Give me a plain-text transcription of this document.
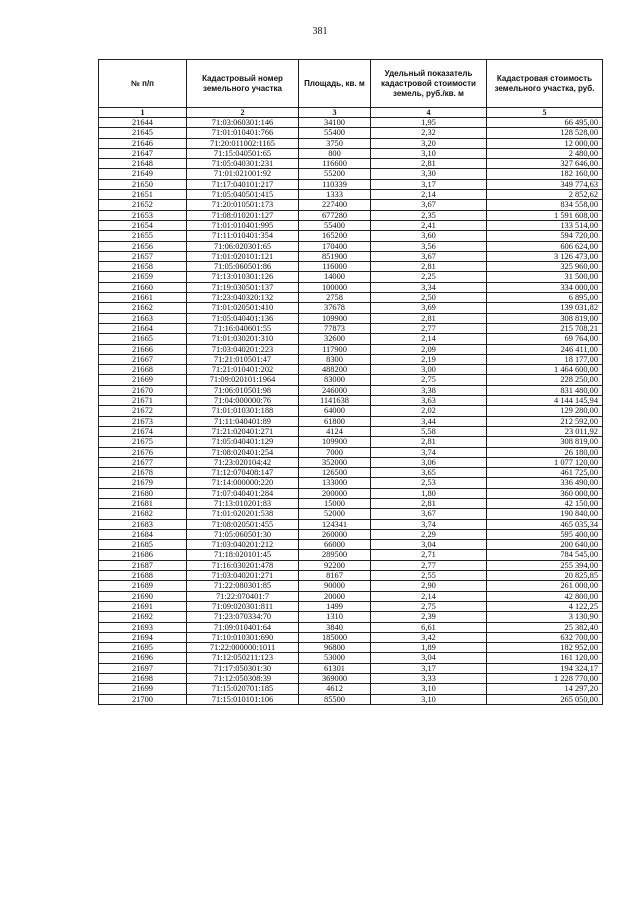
381
№ п/п	Кадастровый номер земельного участка	Площадь, кв. м	Удельный показатель кадастровой стоимости земель, руб./кв. м	Кадастровая стоимость земельного участка, руб.
1	2	3	4	5
21644	71:03:060301:146	34100	1,95	66 495,00
21645	71:01:010401:766	55400	2,32	128 528,00
21646	71:20:011002:1165	3750	3,20	12 000,00
21647	71:15:040501:65	800	3,10	2 480,00
21648	71:05:040301:231	116600	2,81	327 646,00
21649	71:01:021001:92	55200	3,30	182 160,00
21650	71:17:040101:217	110339	3,17	349 774,63
21651	71:05:040501:415	1333	2,14	2 852,62
21652	71:20:010501:173	227400	3,67	834 558,00
21653	71:08:010201:127	677280	2,35	1 591 608,00
21654	71:01:010401:995	55400	2,41	133 514,00
21655	71:11:010401:354	165200	3,60	594 720,00
21656	71:06:020301:65	170400	3,56	606 624,00
21657	71:01:020101:121	851900	3,67	3 126 473,00
21658	71:05:060501:86	116000	2,81	325 960,00
21659	71:13:010301:126	14000	2,25	31 500,00
21660	71:19:030501:137	100000	3,34	334 000,00
21661	71:23:040320:132	2758	2,50	6 895,00
21662	71:01:020501:410	37678	3,69	139 031,82
21663	71:05:040401:136	109900	2,81	308 819,00
21664	71:16:040601:55	77873	2,77	215 708,21
21665	71:01:030201:310	32600	2,14	69 764,00
21666	71:03:040201:223	117900	2,09	246 411,00
21667	71:21:010501:47	8300	2,19	18 177,00
21668	71:21:010401:202	488200	3,00	1 464 600,00
21669	71:09:020101:1964	83000	2,75	228 250,00
21670	71:06:010501:98	246000	3,38	831 480,00
21671	71:04:000000:76	1141638	3,63	4 144 145,94
21672	71:01:010301:188	64000	2,02	129 280,00
21673	71:11:040401:89	61800	3,44	212 592,00
21674	71:21:020401:271	4124	5,58	23 011,92
21675	71:05:040401:129	109900	2,81	308 819,00
21676	71:08:020401:254	7000	3,74	26 180,00
21677	71:23:020104:42	352000	3,06	1 077 120,00
21678	71:12:070408:147	126500	3,65	461 725,00
21679	71:14:000000:220	133000	2,53	336 490,00
21680	71:07:040401:284	200000	1,80	360 000,00
21681	71:13:010201:83	15000	2,81	42 150,00
21682	71:01:020201:538	52000	3,67	190 840,00
21683	71:08:020501:455	124341	3,74	465 035,34
21684	71:05:060501:30	260000	2,29	595 400,00
21685	71:03:040201:212	66000	3,04	200 640,00
21686	71:18:020101:45	289500	2,71	784 545,00
21687	71:16:030201:478	92200	2,77	255 394,00
21688	71:03:040201:271	8167	2,55	20 825,85
21689	71:22:080301:85	90000	2,90	261 000,00
21690	71:22:070401:7	20000	2,14	42 800,00
21691	71:09:020301:811	1499	2,75	4 122,25
21692	71:23:070334:70	1310	2,39	3 130,90
21693	71:09:010401:64	3840	6,61	25 382,40
21694	71:10:010301:690	185000	3,42	632 700,00
21695	71:22:000000:1011	96800	1,89	182 952,00
21696	71:12:050211:123	53000	3,04	161 120,00
21697	71:17:050301:30	61301	3,17	194 324,17
21698	71:12:050308:39	369000	3,33	1 228 770,00
21699	71:15:020701:185	4612	3,10	14 297,20
21700	71:15:010101:106	85500	3,10	265 050,00
